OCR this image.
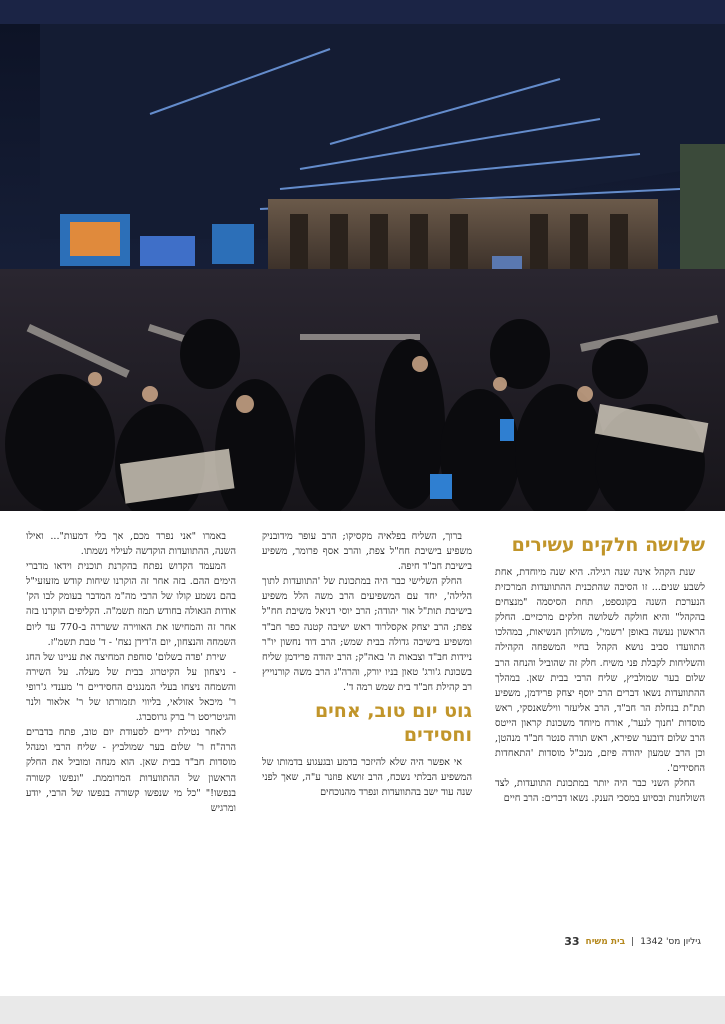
שלושה חלקים עשירים

שנת הקהל אינה שנה רגילה. היא שנה מיוחדת, אחת לשבע שנים... זו הסיבה שהתכנית ההתוועדות המרכזית הנערכת השנה בקונספט, תחת הסיסמה "מנצחים בהקהל" והיא חולקה לשלושה חלקים מרכזיים. החלק הראשון נעשה באופן 'רשמי', משולחן הנשיאות, במהלכו התוועדו סביב נושא הקהל בחיי המשפחה הקהילה והשליחות לקבלת פני משיח. חלק זה שהוביל והנחה הרב שלום בער שמולביץ, שליח הרבי בבית שאן. במהלך ההתוועדות נשאו דברים הרב יוסף יצחק פרידמן, משפיע תת"ת בנחלת הר חב"ד, הרב אליעזר ווילשאנסקי, ראש מוסדות 'חנוך לנער', אורח מיוחד משכונת קראון הייטס הרב שלום דובער שפירא, ראש תורה סנטר חב"ד מנהטן, וכן הרב שמעון יהודה פיזם, מנכ"ל מוסדות 'התאחדות החסידים'.

החלק השני כבר היה יותר במתכונת התוועדות, לצד השולחנות ובסיוע במסכי הענק. נשאו דברים: הרב חיים

ברוך, השליח בפלאיה מקסיקו; הרב עופר מידובניק משפיע בישיבת חח"ל צפת, והרב אסף פרומר, משפיע בישיבת חב"ד חיפה.

החלק השלישי כבר היה במתכונת של 'התוועדות לתוך הלילה', יחד עם המשפיעים הרב משה הלל משפיע בישיבת תות"ל אור יהודה; הרב יוסי דניאל משיבת חח"ל צפת; הרב יצחק אקסלרוד ראש ישיבה קטנה כפר חב"ד ומשפיע בישיבה גדולה בבית שמש; הרב דוד נחשון יו"ר ניידות חב"ד וצבאות ה' באה"ק; הרב יהודה פרידמן שליח בשכונת ג'ורג' טאון בניו יורק, והרה"ג הרב משה קורנוייץ רב קהילת חב"ד בית שמש רמה ד'.

גוט יום טוב, אחים וחסידים

אי אפשר היה שלא להיזכר בדמע ובגעגוע בדמותו של המשפיע הבלתי נשכח, הרב זושא פוזנר ע"ה, שאך לפני שנה עוד ישב בהתוועדות ונפרד מהנוכחים

באמרו "אני נפרד מכם, אך בלי דמעות"... ואילו השנה, ההתוועדות הוקדשה לעילוי נשמתו.

המעמד הקדוש נפתח בהקרנת תוכנית וידאו מדברי הימים ההם. בזה אחר זה הוקרנו שיחות קודש מזעזעי"ל בהם נשמע קולו של הרבי מה"מ המדבר בעומק לבו הק' אודות הגאולה בחודש תמוז תשמ"ה. הקליפים הוקרנו בזה אחר זה והמחישו את האווירה ששררה ב-770 עד ליום השמחה והנצחון, יום ה'דידן נצח' - ד' טבת תשמ"ז.

שירת 'פדה בשלום' סוחפת המחיצה את עניינו של החג - ניצחון על הקיטרוג בבית של מעלה. על השירה והשמחה ניצחו בעלי המנגנים החסידיים ר' מענדי ג'רופי ר' מיכאל אזולאי, בליווי תזמורתו של ר' אלאור ולנר והגיטריסט ר' ברק גרוסברג.

לאחר נטילת ידיים לסעודת יום טוב, פתח בדברים הרה"ח ר' שלום בער שמולביץ - שליח הרבי ומנהל מוסדות חב"ד בבית שאן. הוא מנחה ומוביל את החלק הראשון של ההתוועדות המרוממת. "ונפשו קשורה בנפשו!" "כל מי שנפשו קשורה בנפשו של הרבי, יודע ומרגיש

גיליון מס' 1342
|
בית משיח
33
